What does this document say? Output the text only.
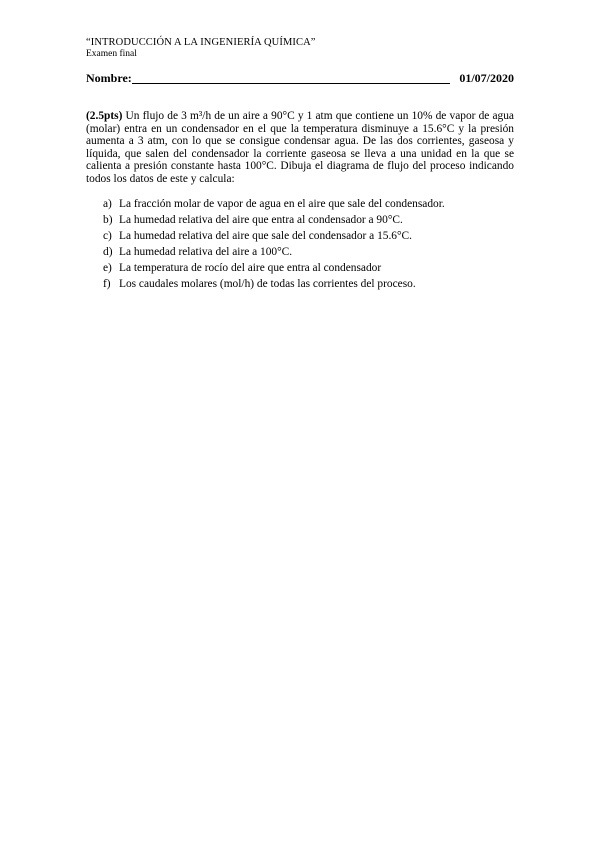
“INTRODUCCIÓN A LA INGENIERÍA QUÍMICA”
Examen final
Nombre:	01/07/2020
(2.5pts) Un flujo de 3 m³/h de un aire a 90°C y 1 atm que contiene un 10% de vapor de agua (molar) entra en un condensador en el que la temperatura disminuye a 15.6°C y la presión aumenta a 3 atm, con lo que se consigue condensar agua. De las dos corrientes, gaseosa y líquida, que salen del condensador la corriente gaseosa se lleva a una unidad en la que se calienta a presión constante hasta 100°C. Dibuja el diagrama de flujo del proceso indicando todos los datos de este y calcula:
a) La fracción molar de vapor de agua en el aire que sale del condensador.
b) La humedad relativa del aire que entra al condensador a 90°C.
c) La humedad relativa del aire que sale del condensador a 15.6°C.
d) La humedad relativa del aire a 100°C.
e) La temperatura de rocío del aire que entra al condensador
f) Los caudales molares (mol/h) de todas las corrientes del proceso.
